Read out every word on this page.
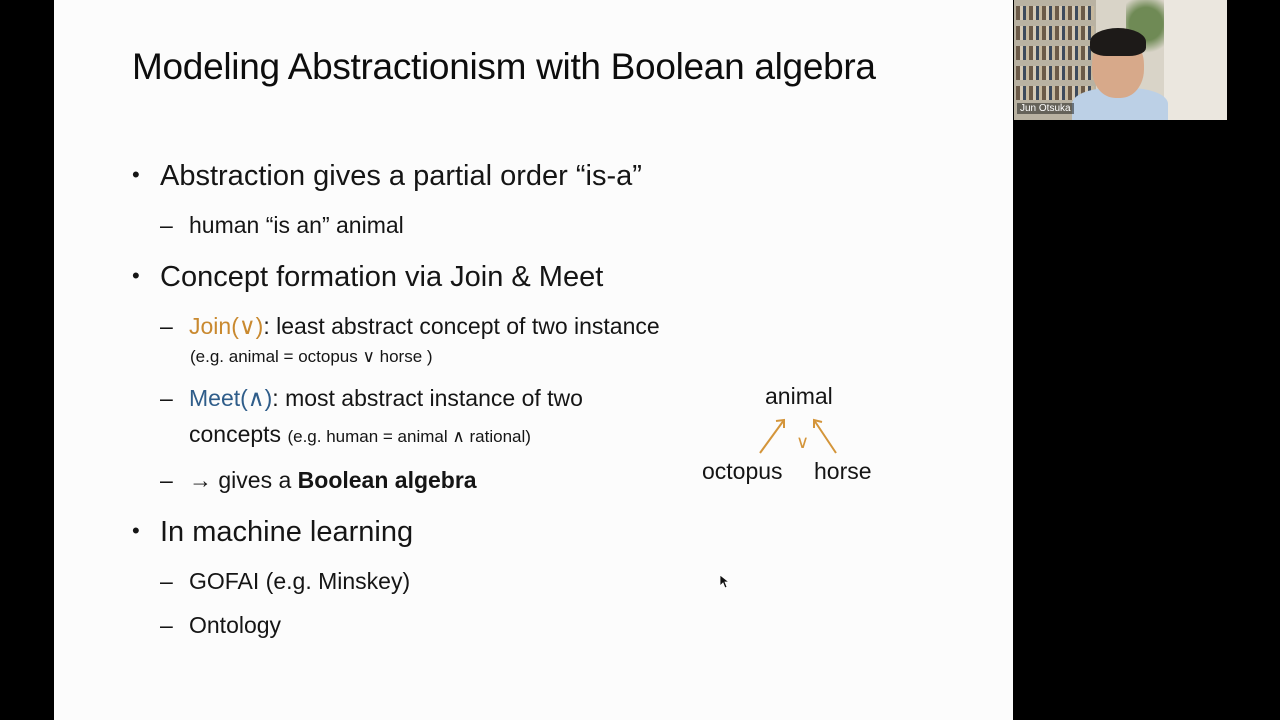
Modeling Abstractionism with Boolean algebra
• Abstraction gives a partial order “is-a”
– human “is an” animal
• Concept formation via Join & Meet
– Join(∨): least abstract concept of two instance
(e.g. animal = octopus ∨ horse )
– Meet(∧): most abstract instance of two
concepts (e.g. human = animal ∧ rational)
– → gives a Boolean algebra
• In machine learning
– GOFAI (e.g. Minskey)
– Ontology
animal
octopus horse
∨
Jun Otsuka
